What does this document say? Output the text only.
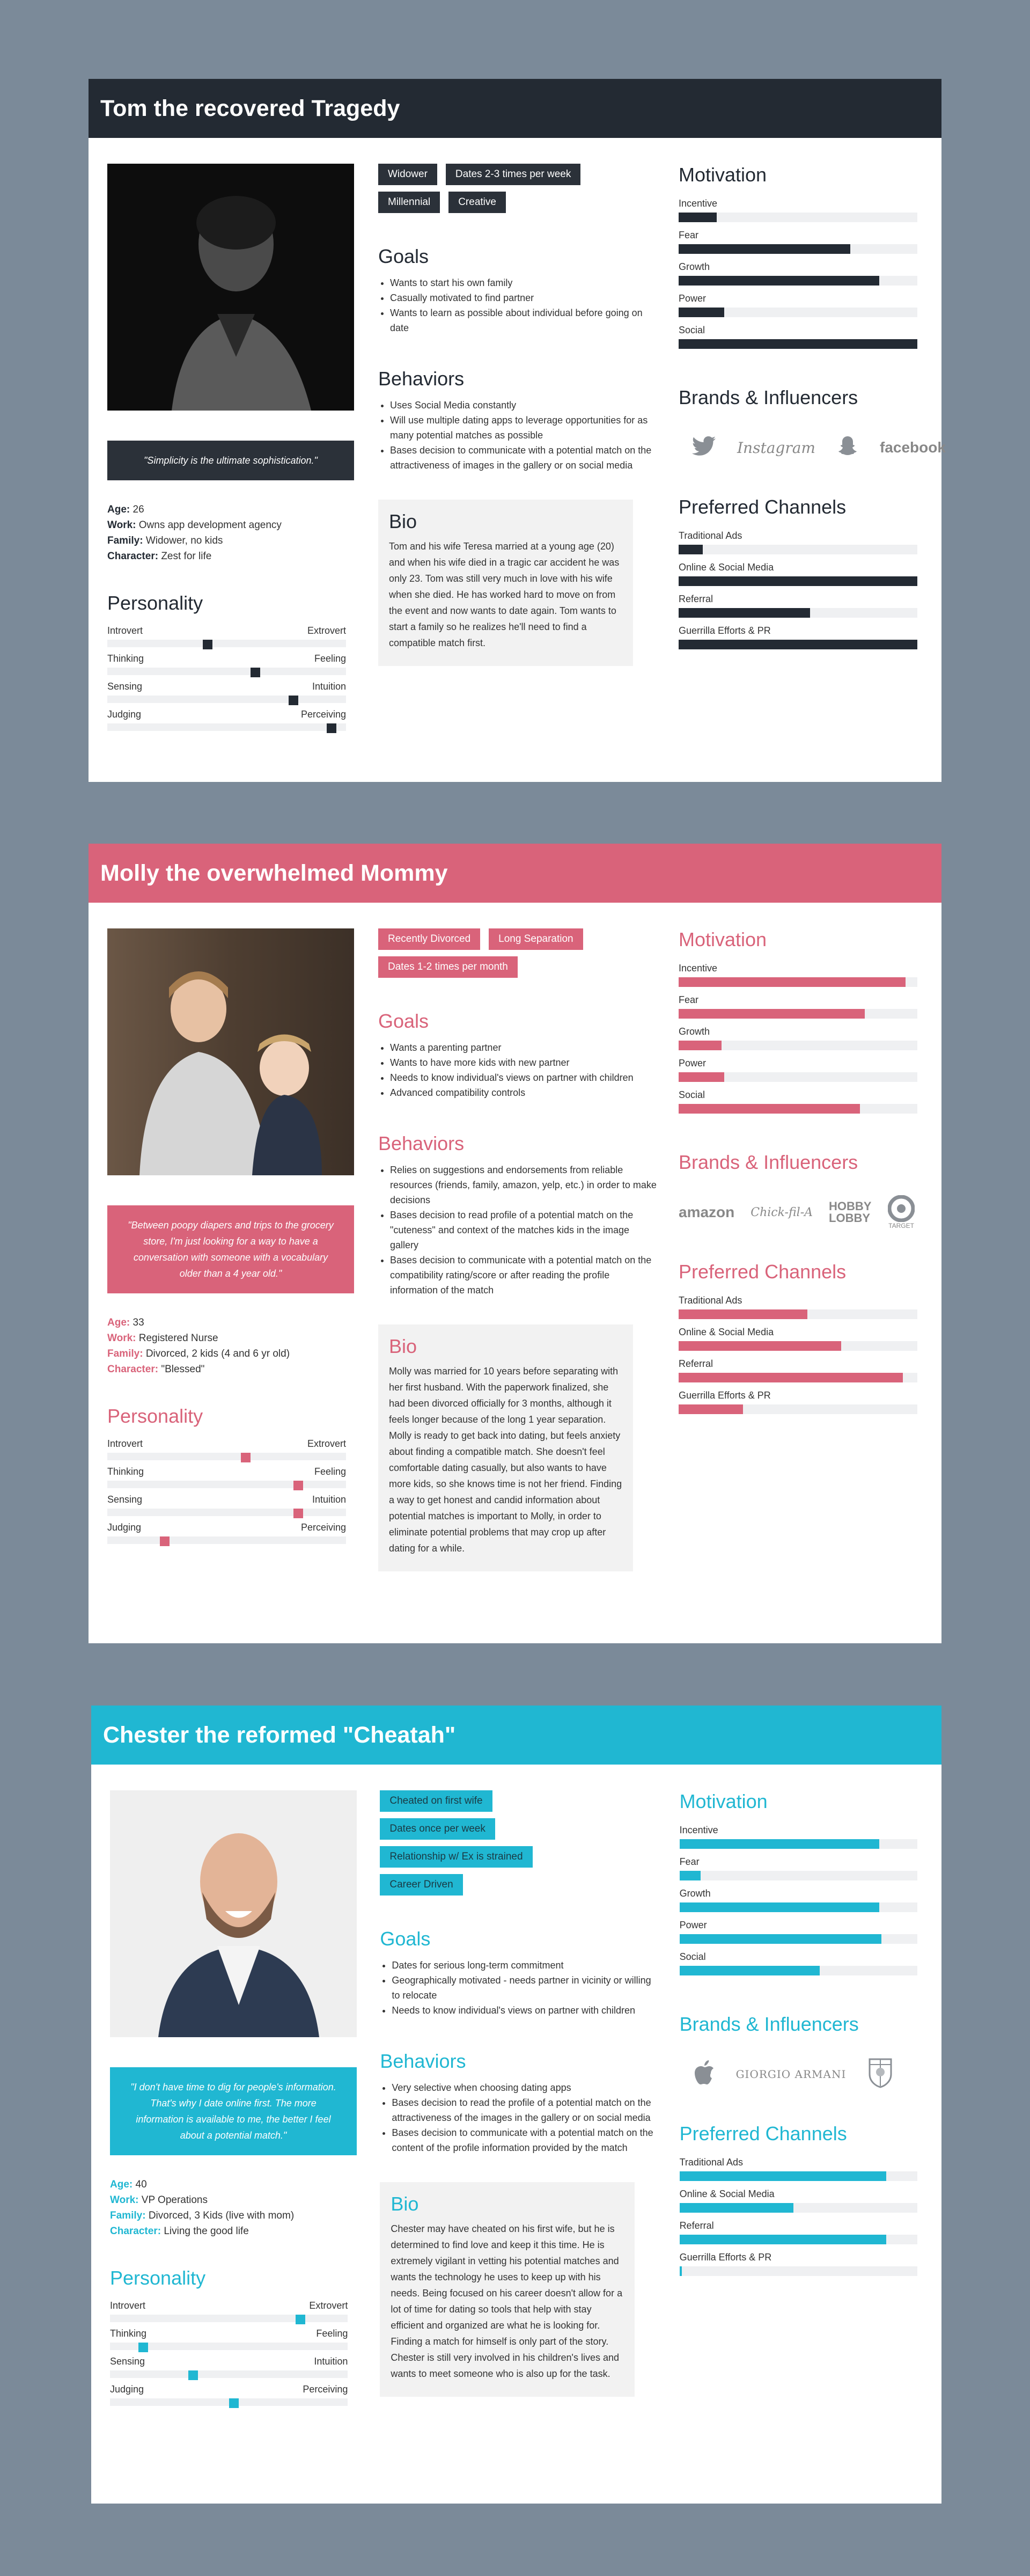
Tom the recovered Tragedy
"Simplicity is the ultimate sophistication."
Age: 26
Work: Owns app development agency
Family: Widower, no kids
Character: Zest for life
Personality
Introvert	Extrovert
Thinking	Feeling
Sensing	Intuition
Judging	Perceiving
Widower	Dates 2-3 times per week
Millennial	Creative
Goals
• Wants to start his own family
• Casually motivated to find partner
• Wants to learn as possible about individual before going on date
Behaviors
• Uses Social Media constantly
• Will use multiple dating apps to leverage opportunities for as many potential matches as possible
• Bases decision to communicate with a potential match on the attractiveness of images in the gallery or on social media
Bio

Tom and his wife Teresa married at a young age (20) and when his wife died in a tragic car accident he was only 23. Tom was still very much in love with his wife when she died. He has worked hard to move on from the event and now wants to date again. Tom wants to start a family so he realizes he'll need to find a compatible match first.

Motivation
Incentive
Fear
Growth
Power
Social
Brands & Influencers
Instagram	facebook
Preferred Channels
Traditional Ads
Online & Social Media
Referral
Guerrilla Efforts & PR
Molly the overwhelmed Mommy
"Between poopy diapers and trips to the grocery store, I'm just looking for a way to have a conversation with someone with a vocabulary older than a 4 year old."
Age: 33
Work: Registered Nurse
Family: Divorced, 2 kids (4 and 6 yr old)
Character: "Blessed"
Personality
Introvert	Extrovert
Thinking	Feeling
Sensing	Intuition
Judging	Perceiving
Recently Divorced	Long Separation
Dates 1-2 times per month
Goals
• Wants a parenting partner
• Wants to have more kids with new partner
• Needs to know individual's views on partner with children
• Advanced compatibility controls
Behaviors
• Relies on suggestions and endorsements from reliable resources (friends, family, amazon, yelp, etc.) in order to make decisions
• Bases decision to read profile of a potential match on the "cuteness" and context of the matches kids in the image gallery
• Bases decision to communicate with a potential match on the compatibility rating/score or after reading the profile information of the match
Bio

Molly was married for 10 years before separating with her first husband. With the paperwork finalized, she had been divorced officially for 3 months, although it feels longer because of the long 1 year separation. Molly is ready to get back into dating, but feels anxiety about finding a compatible match. She doesn't feel comfortable dating casually, but also wants to have more kids, so she knows time is not her friend. Finding a way to get honest and candid information about potential matches is important to Molly, in order to eliminate potential problems that may crop up after dating for a while.

Motivation
Incentive
Fear
Growth
Power
Social
Brands & Influencers
amazon Chick-fil-A HOBBY LOBBY
TARGET
Preferred Channels
Traditional Ads
Online & Social Media
Referral
Guerrilla Efforts & PR
Chester the reformed "Cheatah"
"I don't have time to dig for people's information. That's why I date online first. The more information is available to me, the better I feel about a potential match."
Age: 40
Work: VP Operations
Family: Divorced, 3 Kids (live with mom)
Character: Living the good life
Personality
Introvert	Extrovert
Thinking	Feeling
Sensing	Intuition
Judging	Perceiving
Cheated on first wife
Dates once per week
Relationship w/ Ex is strained
Career Driven
Goals
• Dates for serious long-term commitment
• Geographically motivated - needs partner in vicinity or willing to relocate
• Needs to know individual's views on partner with children
Behaviors
• Very selective when choosing dating apps
• Bases decision to read the profile of a potential match on the attractiveness of the images in the gallery or on social media
• Bases decision to communicate with a potential match on the content of the profile information provided by the match
Bio

Chester may have cheated on his first wife, but he is determined to find love and keep it this time. He is extremely vigilant in vetting his potential matches and wants the technology he uses to keep up with his needs. Being focused on his career doesn't allow for a lot of time for dating so tools that help with stay efficient and organized are what he is looking for. Finding a match for himself is only part of the story. Chester is still very involved in his children's lives and wants to meet someone who is also up for the task.

Motivation
Incentive
Fear
Growth
Power
Social
Brands & Influencers
GIORGIO ARMANI
Preferred Channels
Traditional Ads
Online & Social Media
Referral
Guerrilla Efforts & PR
